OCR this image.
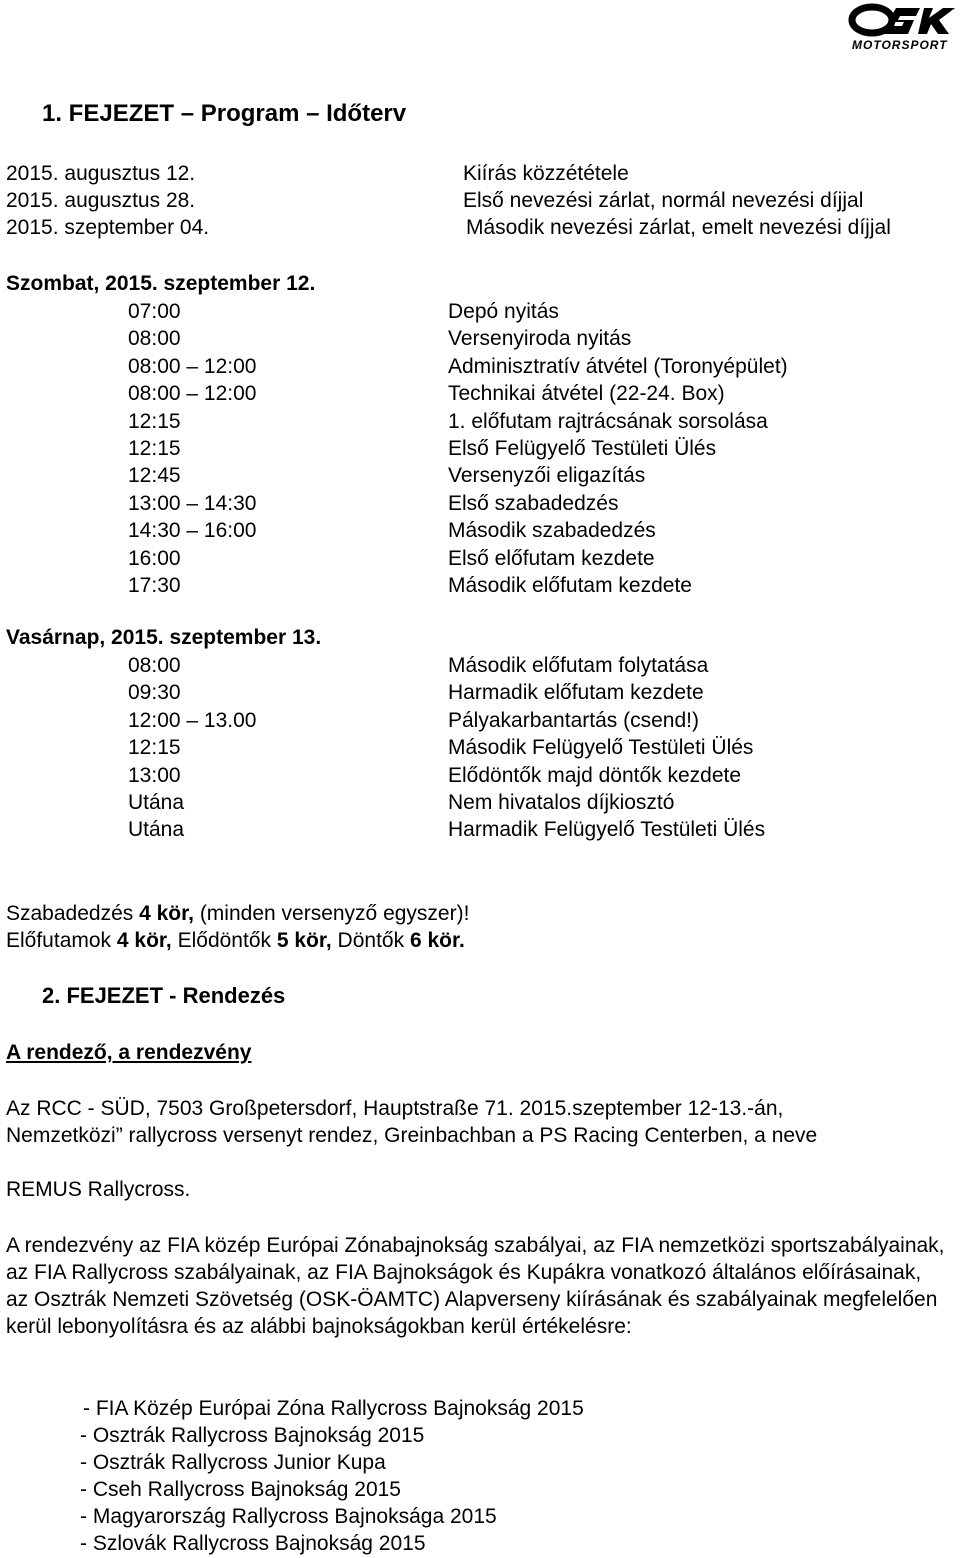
MOTORSPORT
1. FEJEZET – Program – Időterv
2015. augusztus 12.	Kiírás közzététele
2015. augusztus 28.	Első nevezési zárlat, normál nevezési díjjal
2015. szeptember 04.	Második nevezési zárlat, emelt nevezési díjjal
Szombat, 2015. szeptember 12.
07:00	Depó nyitás
08:00	Versenyiroda nyitás
08:00 – 12:00	Adminisztratív átvétel (Toronyépület)
08:00 – 12:00	Technikai átvétel (22-24. Box)
12:15	1. előfutam rajtrácsának sorsolása
12:15	Első Felügyelő Testületi Ülés
12:45	Versenyzői eligazítás
13:00 – 14:30	Első szabadedzés
14:30 – 16:00	Második szabadedzés
16:00	Első előfutam kezdete
17:30	Második előfutam kezdete
Vasárnap, 2015. szeptember 13.
08:00	Második előfutam folytatása
09:30	Harmadik előfutam kezdete
12:00 – 13.00	Pályakarbantartás (csend!)
12:15	Második Felügyelő Testületi Ülés
13:00	Elődöntők majd döntők kezdete
Utána	Nem hivatalos díjkiosztó
Utána	Harmadik Felügyelő Testületi Ülés
Szabadedzés 4 kör, (minden versenyző egyszer)!
Előfutamok 4 kör, Elődöntők 5 kör, Döntők 6 kör.
2. FEJEZET - Rendezés
A rendező, a rendezvény
Az RCC - SÜD, 7503 Großpetersdorf, Hauptstraße 71. 2015.szeptember 12-13.-án,
Nemzetközi” rallycross versenyt rendez, Greinbachban a PS Racing Centerben, a neve
REMUS Rallycross.
A rendezvény az FIA közép Európai Zónabajnokság szabályai, az FIA nemzetközi sportszabályainak, az FIA Rallycross szabályainak, az FIA Bajnokságok és Kupákra vonatkozó általános előírásainak, az Osztrák Nemzeti Szövetség (OSK-ÖAMTC) Alapverseny kiírásának és szabályainak megfelelően kerül lebonyolításra és az alábbi bajnokságokban kerül értékelésre:
- FIA Közép Európai Zóna Rallycross Bajnokság 2015
- Osztrák Rallycross Bajnokság 2015
- Osztrák Rallycross Junior Kupa
- Cseh Rallycross Bajnokság 2015
- Magyarország Rallycross Bajnoksága 2015
- Szlovák Rallycross Bajnokság 2015
